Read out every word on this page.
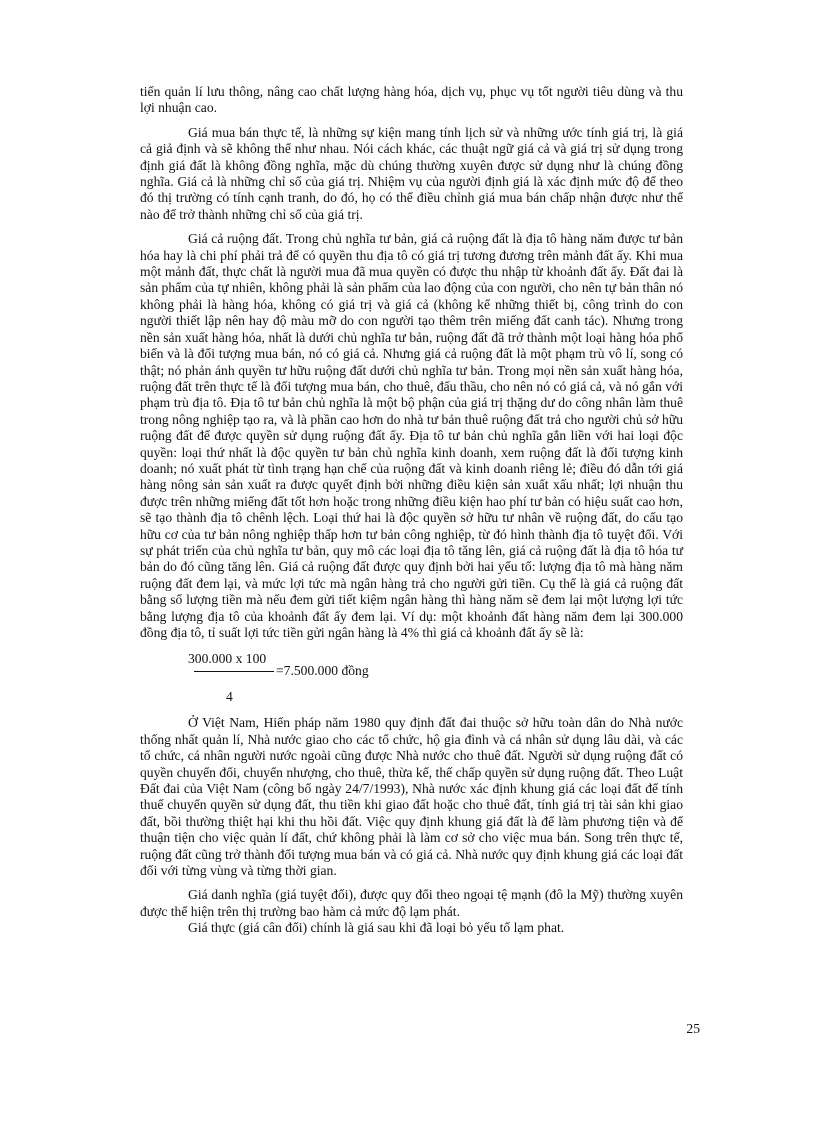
tiến quản lí lưu thông, nâng cao chất lượng hàng hóa, dịch vụ, phục vụ tốt người tiêu dùng và thu lợi nhuận cao.

Giá mua bán thực tế, là những sự kiện mang tính lịch sử và những ước tính giá trị, là giá cả giả định và sẽ không thể như nhau. Nói cách khác, các thuật ngữ giá cả và giá trị sử dụng trong định giá đất là không đồng nghĩa, mặc dù chúng thường xuyên được sử dụng như là chúng đồng nghĩa. Giá cả là những chỉ số của giá trị. Nhiệm vụ của người định giá là xác định mức độ để theo đó thị trường có tính cạnh tranh, do đó, họ có thể điều chỉnh giá mua bán chấp nhận được như thế nào để trở thành những chỉ số của giá trị.

Giá cả ruộng đất. Trong chủ nghĩa tư bản, giá cả ruộng đất là địa tô hàng năm được tư bản hóa hay là chi phí phải trả để có quyền thu địa tô có giá trị tương đương trên mảnh đất ấy. Khi mua một mảnh đất, thực chất là người mua đã mua quyền có được thu nhập từ khoảnh đất ấy. Đất đai là sản phẩm của tự nhiên, không phải là sản phẩm của lao động của con người, cho nên tự bản thân nó không phải là hàng hóa, không có giá trị và giá cả (không kể những thiết bị, công trình do con người thiết lập nên hay độ màu mỡ do con người tạo thêm trên miếng đất canh tác). Nhưng trong nền sản xuất hàng hóa, nhất là dưới chủ nghĩa tư bản, ruộng đất đã trở thành một loại hàng hóa phổ biến và là đối tượng mua bán, nó có giá cả. Nhưng giá cả ruộng đất là một phạm trù vô lí, song có thật; nó phản ánh quyền tư hữu ruộng đất dưới chủ nghĩa tư bản. Trong mọi nền sản xuất hàng hóa, ruộng đất trên thực tế là đối tượng mua bán, cho thuê, đấu thầu, cho nên nó có giá cả, và nó gắn với phạm trù địa tô. Địa tô tư bản chủ nghĩa là một bộ phận của giá trị thặng dư do công nhân làm thuê trong nông nghiệp tạo ra, và là phần cao hơn do nhà tư bản thuê ruộng đất trả cho người chủ sở hữu ruộng đất để được quyền sử dụng ruộng đất ấy. Địa tô tư bản chủ nghĩa gắn liền với hai loại độc quyền: loại thứ nhất là độc quyền tư bản chủ nghĩa kinh doanh, xem ruộng đất là đối tượng kinh doanh; nó xuất phát từ tình trạng hạn chế của ruộng đất và kinh doanh riêng lẻ; điều đó dẫn tới giá hàng nông sản sản xuất ra được quyết định bởi những điều kiện sản xuất xấu nhất; lợi nhuận thu được trên những miếng đất tốt hơn hoặc trong những điều kiện hao phí tư bản có hiệu suất cao hơn, sẽ tạo thành địa tô chênh lệch. Loại thứ hai là độc quyền sở hữu tư nhân về ruộng đất, do cấu tạo hữu cơ của tư bản nông nghiệp thấp hơn tư bản công nghiệp, từ đó hình thành địa tô tuyệt đối. Với sự phát triển của chủ nghĩa tư bản, quy mô các loại địa tô tăng lên, giá cả ruộng đất là địa tô hóa tư bản do đó cũng tăng lên. Giá cả ruộng đất được quy định bởi hai yếu tố: lượng địa tô mà hàng năm ruộng đất đem lại, và mức lợi tức mà ngân hàng trả cho người gửi tiền. Cụ thể là giá cả ruộng đất bằng số lượng tiền mà nếu đem gửi tiết kiệm ngân hàng thì hàng năm sẽ đem lại một lượng lợi tức bằng lượng địa tô của khoảnh đất ấy đem lại. Ví dụ: một khoảnh đất hàng năm đem lại 300.000 đồng địa tô, tỉ suất lợi tức tiền gửi ngân hàng là 4% thì giá cả khoảnh đất ấy sẽ là:

300.000 x 100
=7.500.000 đồng
4

Ở Việt Nam, Hiến pháp năm 1980 quy định đất đai thuộc sở hữu toàn dân do Nhà nước thống nhất quản lí, Nhà nước giao cho các tổ chức, hộ gia đình và cá nhân sử dụng lâu dài, và các tổ chức, cá nhân người nước ngoài cũng được Nhà nước cho thuê đất. Người sử dụng ruộng đất có quyền chuyển đổi, chuyển nhượng, cho thuê, thừa kế, thế chấp quyền sử dụng ruộng đất. Theo Luật Đất đai của Việt Nam (công bố ngày 24/7/1993), Nhà nước xác định khung giá các loại đất để tính thuế chuyển quyền sử dụng đất, thu tiền khi giao đất hoặc cho thuê đất, tính giá trị tài sản khi giao đất, bồi thường thiệt hại khi thu hồi đất. Việc quy định khung giá đất là để làm phương tiện và để thuận tiện cho việc quản lí đất, chứ không phải là làm cơ sở cho việc mua bán. Song trên thực tế, ruộng đất cũng trở thành đối tượng mua bán và có giá cả. Nhà nước quy định khung giá các loại đất đối với từng vùng và từng thời gian.

Giá danh nghĩa (giá tuyệt đối), được quy đổi theo ngoại tệ mạnh (đô la Mỹ) thường xuyên được thể hiện trên thị trường bao hàm cả mức độ lạm phát.

Giá thực (giá cân đối) chính là giá sau khi đã loại bỏ yếu tố lạm phat.

25
